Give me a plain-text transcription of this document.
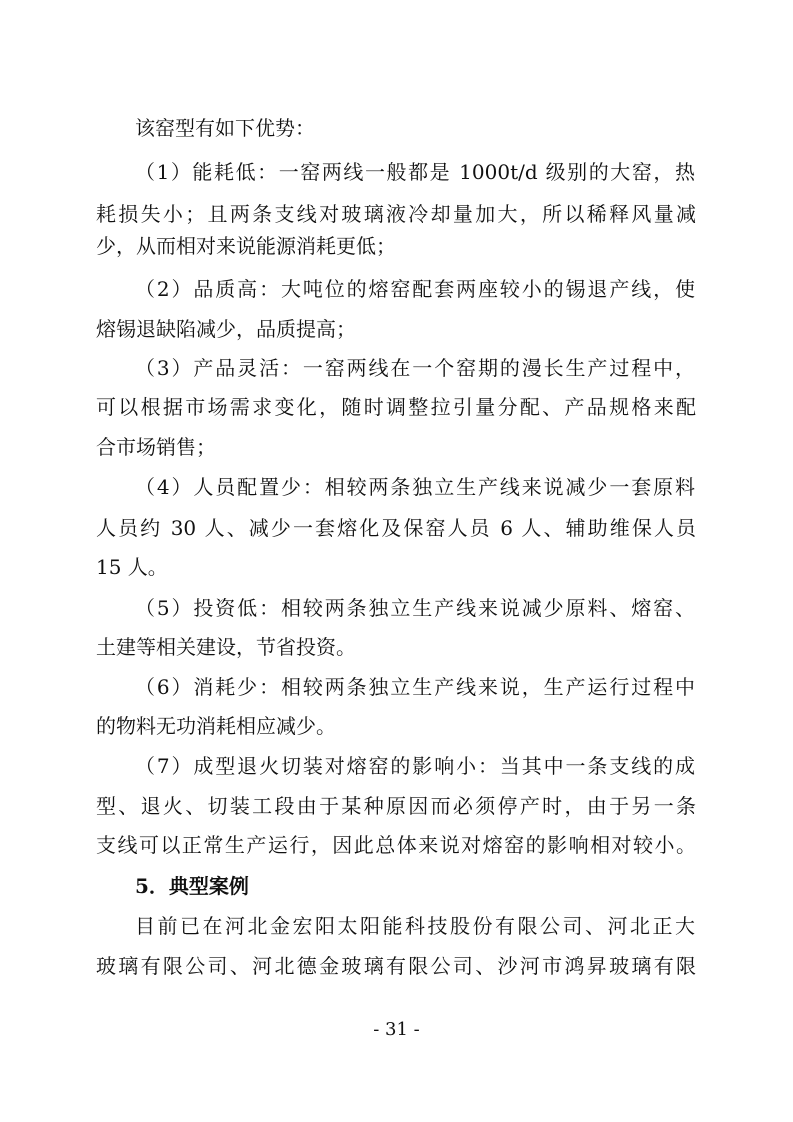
该窑型有如下优势：
（1）能耗低：一窑两线一般都是 1000t/d 级别的大窑，热
耗损失小；且两条支线对玻璃液冷却量加大，所以稀释风量减
少，从而相对来说能源消耗更低；
（2）品质高：大吨位的熔窑配套两座较小的锡退产线，使
熔锡退缺陷减少，品质提高；
（3）产品灵活：一窑两线在一个窑期的漫长生产过程中，
可以根据市场需求变化，随时调整拉引量分配、产品规格来配
合市场销售；
（4）人员配置少：相较两条独立生产线来说减少一套原料
人员约 30 人、减少一套熔化及保窑人员 6 人、辅助维保人员
15 人。
（5）投资低：相较两条独立生产线来说减少原料、熔窑、
土建等相关建设，节省投资。
（6）消耗少：相较两条独立生产线来说，生产运行过程中
的物料无功消耗相应减少。
（7）成型退火切装对熔窑的影响小：当其中一条支线的成
型、退火、切装工段由于某种原因而必须停产时，由于另一条
支线可以正常生产运行，因此总体来说对熔窑的影响相对较小。
5．典型案例
目前已在河北金宏阳太阳能科技股份有限公司、河北正大
玻璃有限公司、河北德金玻璃有限公司、沙河市鸿昇玻璃有限
- 31 -
